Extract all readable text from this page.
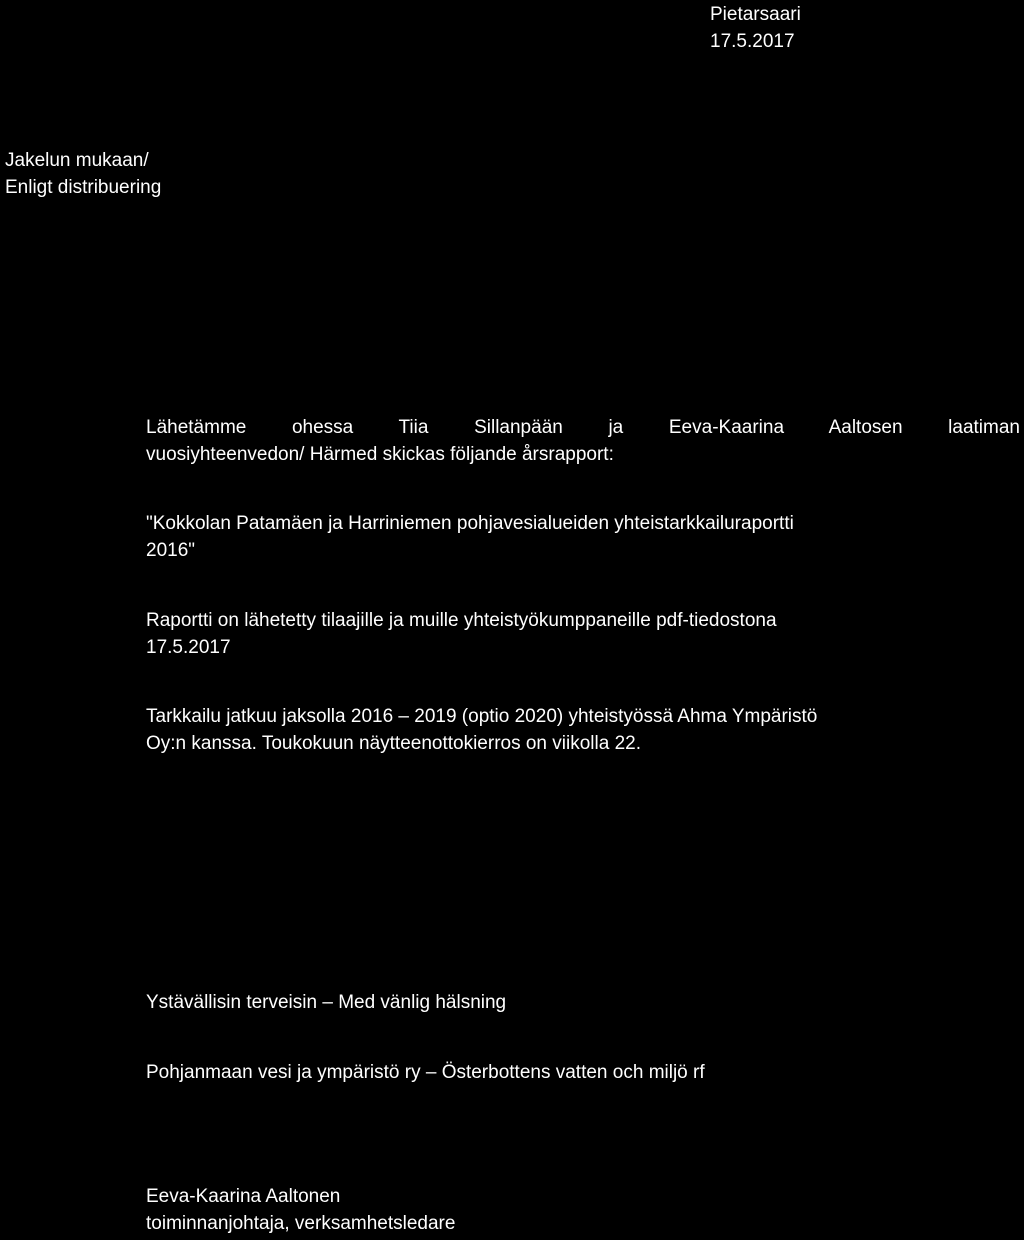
Pietarsaari
17.5.2017
Jakelun mukaan/
Enligt distribuering
Lähetämme ohessa Tiia Sillanpään ja Eeva-Kaarina Aaltosen laatiman
vuosiyhteenvedon/ Härmed skickas följande årsrapport:
"Kokkolan Patamäen ja Harriniemen pohjavesialueiden yhteistarkkailuraportti
2016"
Raportti on lähetetty tilaajille ja muille yhteistyökumppaneille pdf-tiedostona
17.5.2017
Tarkkailu jatkuu jaksolla 2016 – 2019 (optio 2020) yhteistyössä Ahma Ympäristö
Oy:n kanssa. Toukokuun näytteenottokierros on viikolla 22.
Ystävällisin terveisin – Med vänlig hälsning
Pohjanmaan vesi ja ympäristö ry – Österbottens vatten och miljö rf
Eeva-Kaarina Aaltonen
toiminnanjohtaja, verksamhetsledare
